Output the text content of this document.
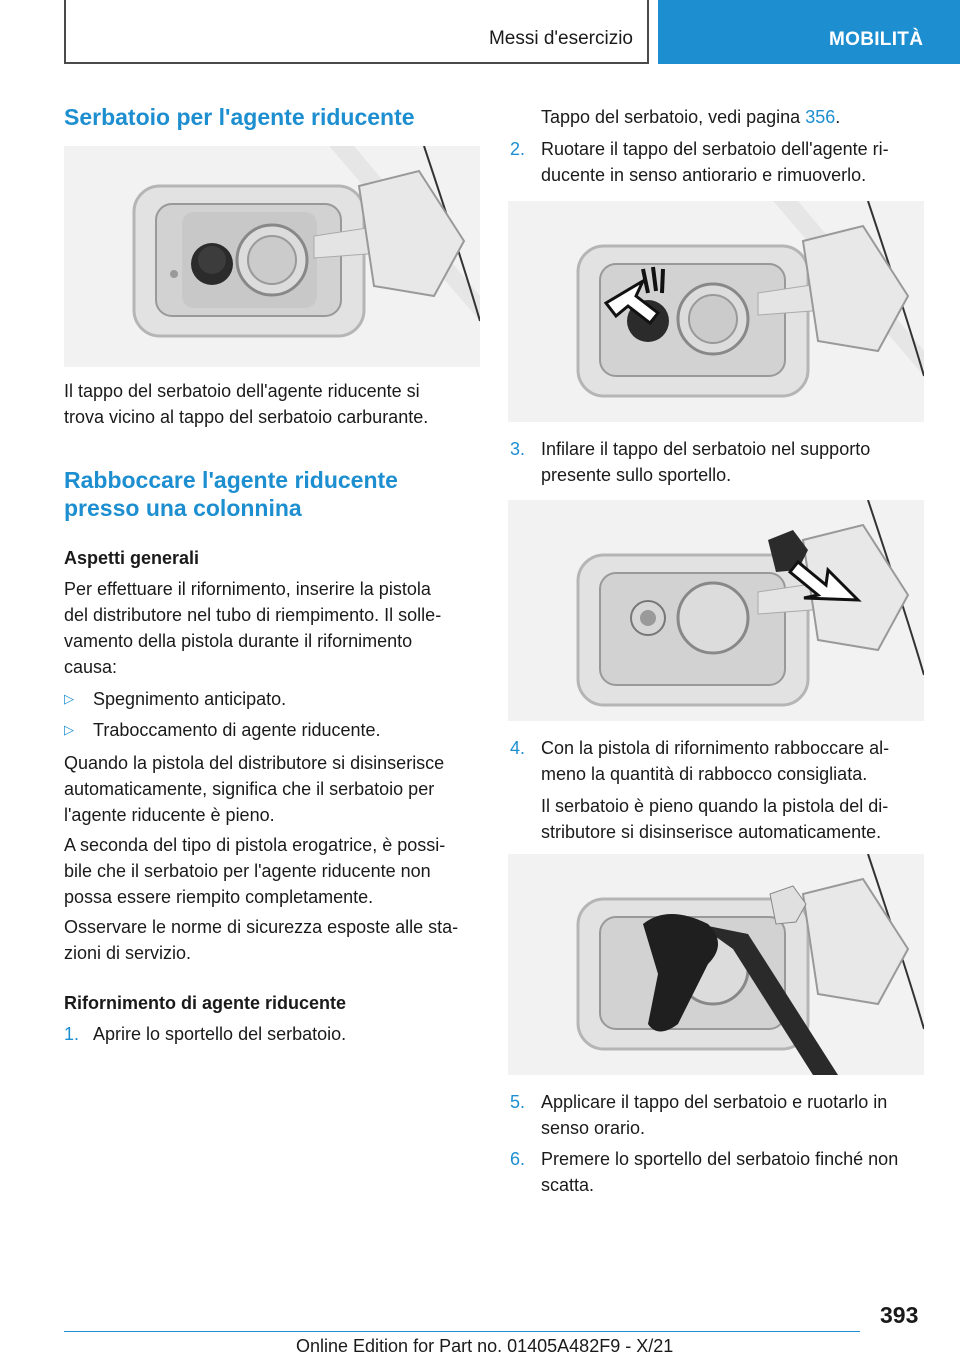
Messi d'esercizio	MOBILITÀ
Serbatoio per l'agente riducente

Il tappo del serbatoio dell'agente riducente si

trova vicino al tappo del serbatoio carburante.

Rabboccare l'agente riducente
presso una colonnina
Aspetti generali

Per effettuare il rifornimento, inserire la pistola

del distributore nel tubo di riempimento. Il solle-

vamento della pistola durante il rifornimento

causa:

▷ Spegnimento anticipato.
▷ Traboccamento di agente riducente.

Quando la pistola del distributore si disinserisce

automaticamente, significa che il serbatoio per

l'agente riducente è pieno.

A seconda del tipo di pistola erogatrice, è possi-

bile che il serbatoio per l'agente riducente non

possa essere riempito completamente.

Osservare le norme di sicurezza esposte alle sta-

zioni di servizio.

Rifornimento di agente riducente
1. Aprire lo sportello del serbatoio.

Tappo del serbatoio, vedi pagina 356.

2. Ruotare il tappo del serbatoio dell'agente ri-
ducente in senso antiorario e rimuoverlo.
3. Infilare il tappo del serbatoio nel supporto
presente sullo sportello.
4. Con la pistola di rifornimento rabboccare al-
meno la quantità di rabbocco consigliata.
Il serbatoio è pieno quando la pistola del di-
stributore si disinserisce automaticamente.
5. Applicare il tappo del serbatoio e ruotarlo in
senso orario.
6. Premere lo sportello del serbatoio finché non
scatta.
393
Online Edition for Part no. 01405A482F9 - X/21
